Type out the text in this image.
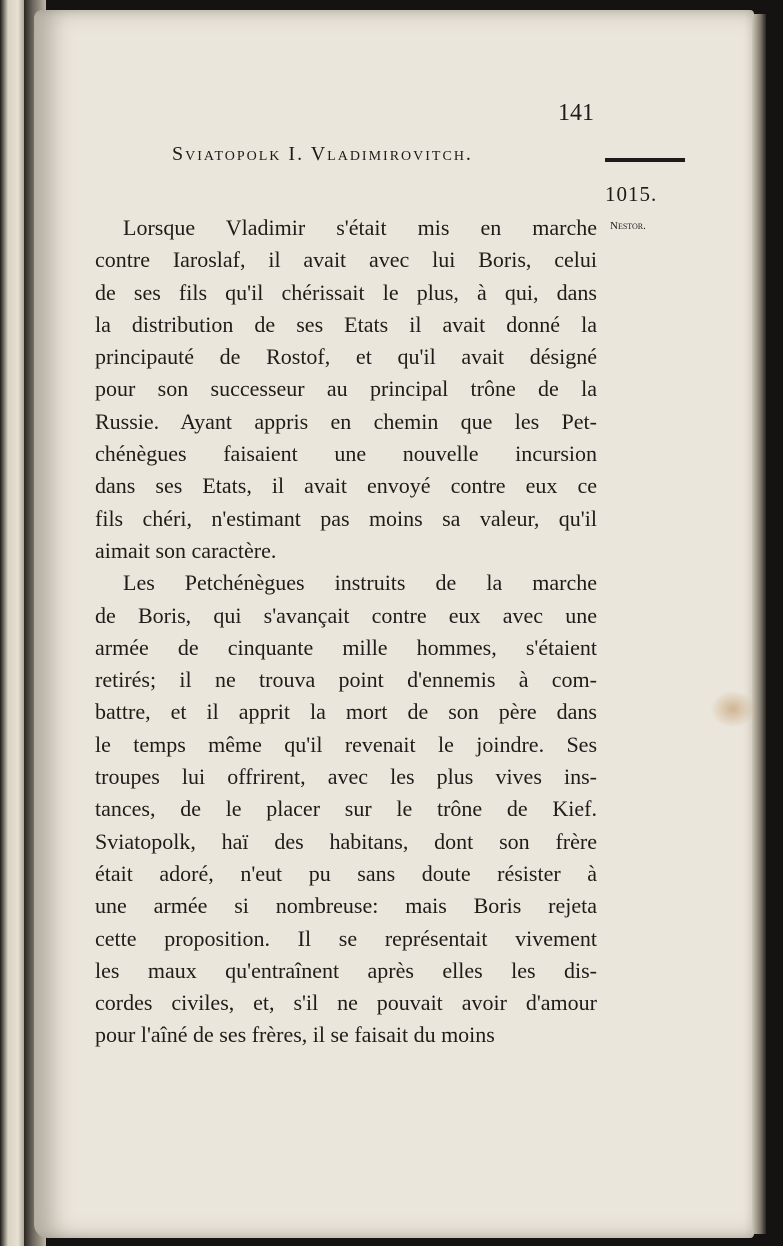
141
Sviatopolk I. Vladimirovitch.
1015.
Nestor.
Lorsque Vladimir s'était mis en marche
contre Iaroslaf, il avait avec lui Boris, celui
de ses fils qu'il chérissait le plus, à qui, dans
la distribution de ses Etats il avait donné la
principauté de Rostof, et qu'il avait désigné
pour son successeur au principal trône de la
Russie. Ayant appris en chemin que les Pet-
chénègues faisaient une nouvelle incursion
dans ses Etats, il avait envoyé contre eux ce
fils chéri, n'estimant pas moins sa valeur, qu'il
aimait son caractère.
Les Petchénègues instruits de la marche
de Boris, qui s'avançait contre eux avec une
armée de cinquante mille hommes, s'étaient
retirés; il ne trouva point d'ennemis à com-
battre, et il apprit la mort de son père dans
le temps même qu'il revenait le joindre. Ses
troupes lui offrirent, avec les plus vives ins-
tances, de le placer sur le trône de Kief.
Sviatopolk, haï des habitans, dont son frère
était adoré, n'eut pu sans doute résister à
une armée si nombreuse: mais Boris rejeta
cette proposition. Il se représentait vivement
les maux qu'entraînent après elles les dis-
cordes civiles, et, s'il ne pouvait avoir d'amour
pour l'aîné de ses frères, il se faisait du moins
